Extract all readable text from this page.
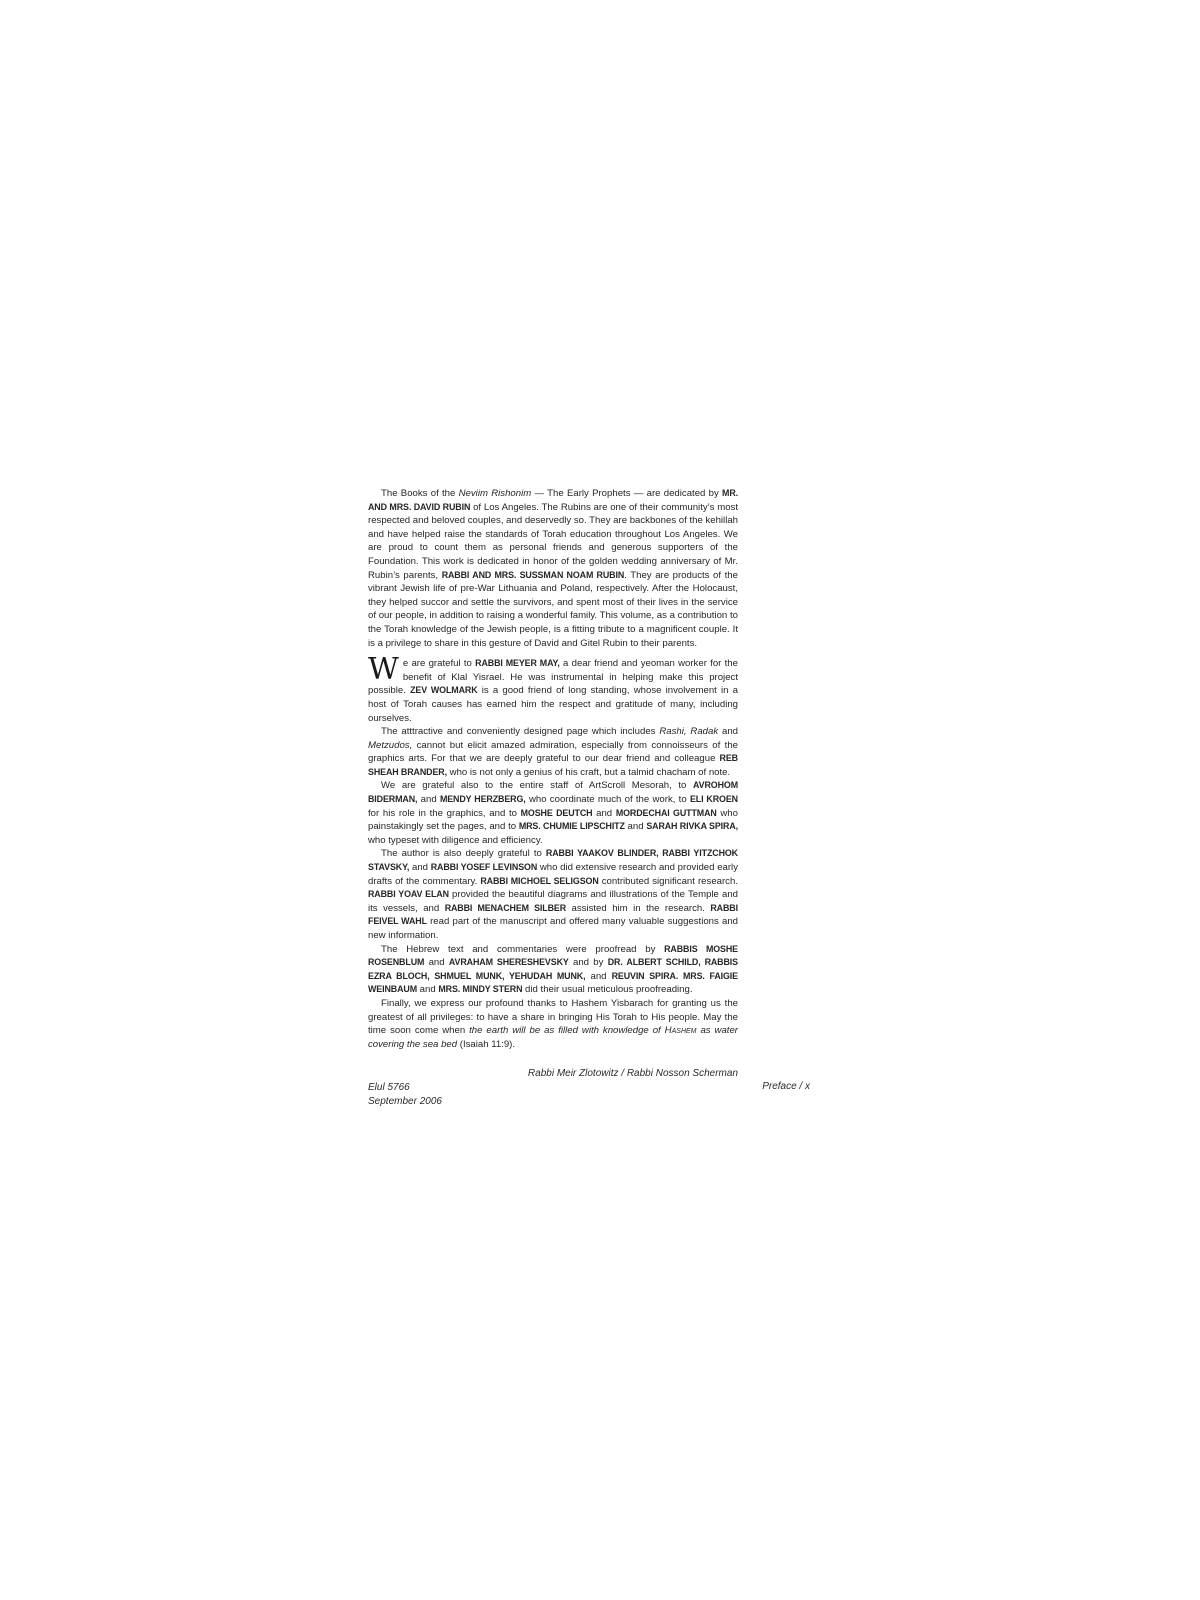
The Books of the Neviim Rishonim — The Early Prophets — are dedicated by MR. AND MRS. DAVID RUBIN of Los Angeles. The Rubins are one of their community’s most respected and beloved couples, and deservedly so. They are backbones of the kehillah and have helped raise the standards of Torah education throughout Los Angeles. We are proud to count them as personal friends and generous supporters of the Foundation. This work is dedicated in honor of the golden wedding anniversary of Mr. Rubin’s parents, RABBI AND MRS. SUSSMAN NOAM RUBIN. They are products of the vibrant Jewish life of pre-War Lithuania and Poland, respectively. After the Holocaust, they helped succor and settle the survivors, and spent most of their lives in the service of our people, in addition to raising a wonderful family. This volume, as a contribution to the Torah knowledge of the Jewish people, is a fitting tribute to a magnificent couple. It is a privilege to share in this gesture of David and Gitel Rubin to their parents.

We are grateful to RABBI MEYER MAY, a dear friend and yeoman worker for the benefit of Klal Yisrael. He was instrumental in helping make this project possible. ZEV WOLMARK is a good friend of long standing, whose involvement in a host of Torah causes has earned him the respect and gratitude of many, including ourselves.

The atttractive and conveniently designed page which includes Rashi, Radak and Metzudos, cannot but elicit amazed admiration, especially from connoisseurs of the graphics arts. For that we are deeply grateful to our dear friend and colleague REB SHEAH BRANDER, who is not only a genius of his craft, but a talmid chacham of note.

We are grateful also to the entire staff of ArtScroll Mesorah, to AVROHOM BIDERMAN, and MENDY HERZBERG, who coordinate much of the work, to ELI KROEN for his role in the graphics, and to MOSHE DEUTCH and MORDECHAI GUTTMAN who painstakingly set the pages, and to MRS. CHUMIE LIPSCHITZ and SARAH RIVKA SPIRA, who typeset with diligence and efficiency.

The author is also deeply grateful to RABBI YAAKOV BLINDER, RABBI YITZCHOK STAVSKY, and RABBI YOSEF LEVINSON who did extensive research and provided early drafts of the commentary. RABBI MICHOEL SELIGSON contributed significant research. RABBI YOAV ELAN provided the beautiful diagrams and illustrations of the Temple and its vessels, and RABBI MENACHEM SILBER assisted him in the research. RABBI FEIVEL WAHL read part of the manuscript and offered many valuable suggestions and new information.

The Hebrew text and commentaries were proofread by RABBIS MOSHE ROSENBLUM and AVRAHAM SHERESHEVSKY and by DR. ALBERT SCHILD, RABBIS EZRA BLOCH, SHMUEL MUNK, YEHUDAH MUNK, and REUVIN SPIRA. MRS. FAIGIE WEINBAUM and MRS. MINDY STERN did their usual meticulous proofreading.

Finally, we express our profound thanks to Hashem Yisbarach for granting us the greatest of all privileges: to have a share in bringing His Torah to His people. May the time soon come when the earth will be as filled with knowledge of Hashem as water covering the sea bed (Isaiah 11:9).

Rabbi Meir Zlotowitz / Rabbi Nosson Scherman
Elul 5766
September 2006
Preface / x
